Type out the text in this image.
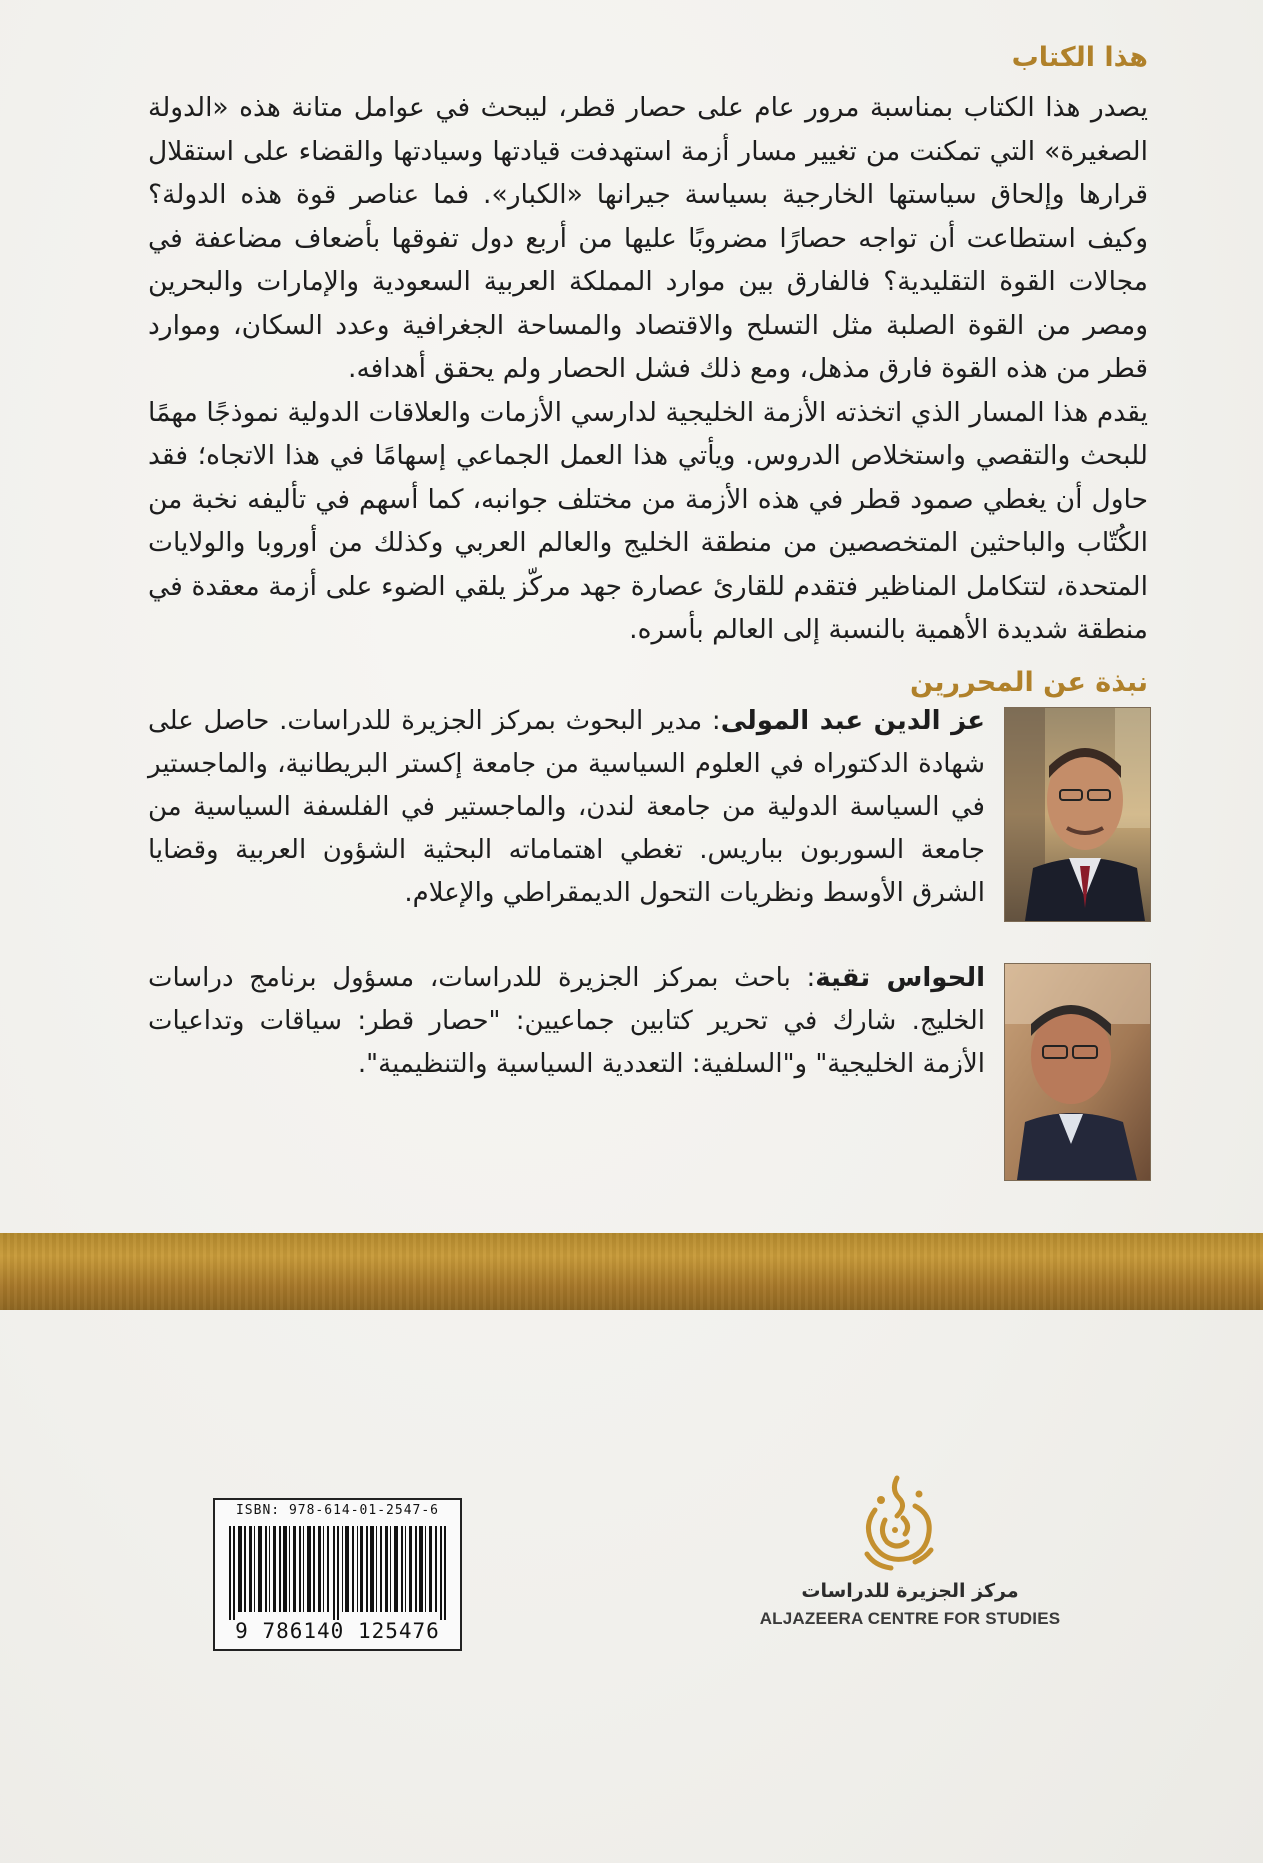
هذا الكتاب

يصدر هذا الكتاب بمناسبة مرور عام على حصار قطر، ليبحث في عوامل متانة هذه «الدولة الصغيرة» التي تمكنت من تغيير مسار أزمة استهدفت قيادتها وسيادتها والقضاء على استقلال قرارها وإلحاق سياستها الخارجية بسياسة جيرانها «الكبار». فما عناصر قوة هذه الدولة؟ وكيف استطاعت أن تواجه حصارًا مضروبًا عليها من أربع دول تفوقها بأضعاف مضاعفة في مجالات القوة التقليدية؟ فالفارق بين موارد المملكة العربية السعودية والإمارات والبحرين ومصر من القوة الصلبة مثل التسلح والاقتصاد والمساحة الجغرافية وعدد السكان، وموارد قطر من هذه القوة فارق مذهل، ومع ذلك فشل الحصار ولم يحقق أهدافه.

يقدم هذا المسار الذي اتخذته الأزمة الخليجية لدارسي الأزمات والعلاقات الدولية نموذجًا مهمًا للبحث والتقصي واستخلاص الدروس. ويأتي هذا العمل الجماعي إسهامًا في هذا الاتجاه؛ فقد حاول أن يغطي صمود قطر في هذه الأزمة من مختلف جوانبه، كما أسهم في تأليفه نخبة من الكُتّاب والباحثين المتخصصين من منطقة الخليج والعالم العربي وكذلك من أوروبا والولايات المتحدة، لتتكامل المناظير فتقدم للقارئ عصارة جهد مركّز يلقي الضوء على أزمة معقدة في منطقة شديدة الأهمية بالنسبة إلى العالم بأسره.

نبذة عن المحررين

عز الدين عبد المولى: مدير البحوث بمركز الجزيرة للدراسات. حاصل على شهادة الدكتوراه في العلوم السياسية من جامعة إكستر البريطانية، والماجستير في السياسة الدولية من جامعة لندن، والماجستير في الفلسفة السياسية من جامعة السوربون بباريس. تغطي اهتماماته البحثية الشؤون العربية وقضايا الشرق الأوسط ونظريات التحول الديمقراطي والإعلام.

الحواس تقية: باحث بمركز الجزيرة للدراسات، مسؤول برنامج دراسات الخليج. شارك في تحرير كتابين جماعيين: "حصار قطر: سياقات وتداعيات الأزمة الخليجية" و"السلفية: التعددية السياسية والتنظيمية".

ISBN: 978-614-01-2547-6
9 786140 125476
مركز الجزيرة للدراسات
ALJAZEERA CENTRE FOR STUDIES
